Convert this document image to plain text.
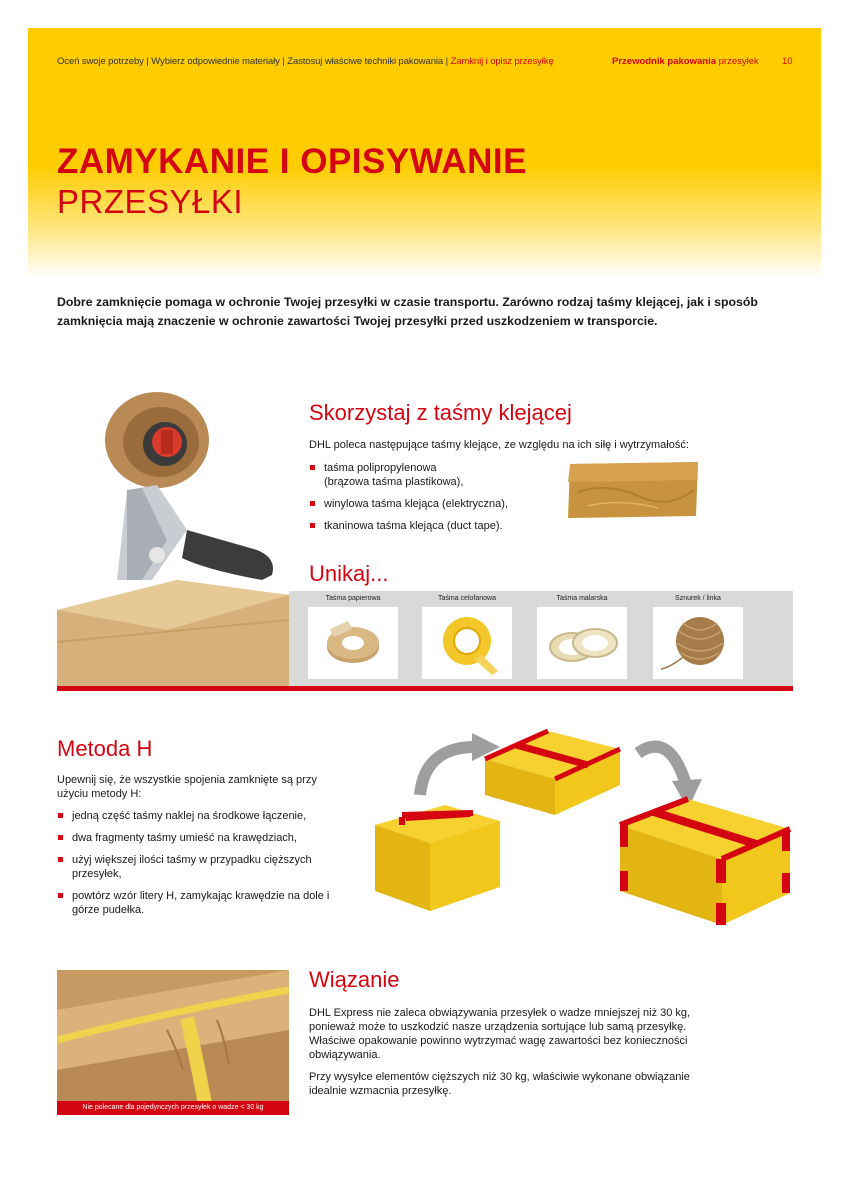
Oceń swoje potrzeby | Wybierz odpowiednie materiały | Zastosuj właściwe techniki pakowania | Zamknij i opisz przesyłkę	Przewodnik pakowania przesyłek 10
ZAMYKANIE I OPISYWANIE
PRZESYŁKI
Dobre zamknięcie pomaga w ochronie Twojej przesyłki w czasie transportu. Zarówno rodzaj taśmy klejącej, jak i sposób zamknięcia mają znaczenie w ochronie zawartości Twojej przesyłki przed uszkodzeniem w transporcie.
Skorzystaj z taśmy klejącej
DHL poleca następujące taśmy klejące, ze względu na ich siłę i wytrzymałość:
taśma polipropylenowa
(brązowa taśma plastikowa),
winylowa taśma klejąca (elektryczna),
tkaninowa taśma klejąca (duct tape).
Unikaj...
Taśma papierowa	Taśma celofanowa	Taśma malarska	Sznurek / linka
Metoda H
Upewnij się, że wszystkie spojenia zamknięte są przy użyciu metody H:
jedną część taśmy naklej na środkowe łączenie,
dwa fragmenty taśmy umieść na krawędziach,
użyj większej ilości taśmy w przypadku cięższych przesyłek,
powtórz wzór litery H, zamykając krawędzie na dole i górze pudełka.
Nie polecane dla pojedynczych przesyłek o wadze < 30 kg
Wiązanie
DHL Express nie zaleca obwiązywania przesyłek o wadze mniejszej niż 30 kg, ponieważ może to uszkodzić nasze urządzenia sortujące lub samą przesyłkę. Właściwe opakowanie powinno wytrzymać wagę zawartości bez konieczności obwiązywania.
Przy wysyłce elementów cięższych niż 30 kg, właściwie wykonane obwiązanie idealnie wzmacnia przesyłkę.
